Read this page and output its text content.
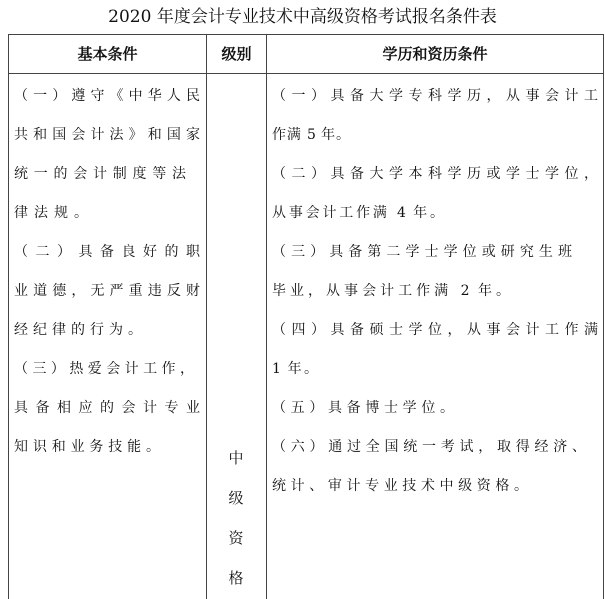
2020 年度会计专业技术中高级资格考试报名条件表
基本条件	级别	学历和资历条件
（一）遵守《中华人民
共和国会计法》和国家
统一的会计制度等法
律法规。
（二）具备良好的职
业道德，无严重违反财
经纪律的行为。
（三）热爱会计工作，
具备相应的会计专业
知识和业务技能。
中
级
资
格
（一）具备大学专科学历，从事会计工
作满 5 年。
（二）具备大学本科学历或学士学位，
从事会计工作满 4 年。
（三）具备第二学士学位或研究生班
毕业，从事会计工作满 2 年。
（四）具备硕士学位，从事会计工作满
1 年。
（五）具备博士学位。
（六）通过全国统一考试，取得经济、
统计、审计专业技术中级资格。
